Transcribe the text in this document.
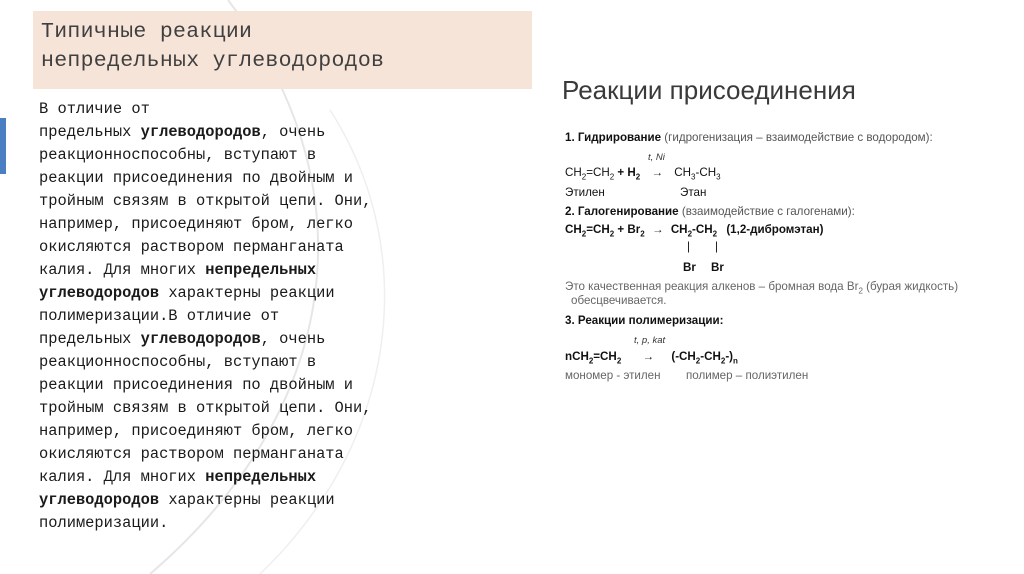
Типичные реакции
непредельных углеводородов

В отличие от

предельных углеводородов, очень

реакционноспособны, вступают в

реакции присоединения по двойным и

тройным связям в открытой цепи. Они,

например, присоединяют бром, легко

окисляются раствором перманганата

калия. Для многих непредельных

углеводородов характерны реакции

полимеризации.В отличие от

предельных углеводородов, очень

реакционноспособны, вступают в

реакции присоединения по двойным и

тройным связям в открытой цепи. Они,

например, присоединяют бром, легко

окисляются раствором перманганата

калия. Для многих непредельных

углеводородов характерны реакции

полимеризации.

Реакции присоединения
1. Гидрирование (гидрогенизация – взаимодействие с водородом):
t, Ni
$CH_2=CH_2 + H_2 \to CH_3-CH_3$
Этилен	Этан
2. Галогенирование (взаимодействие с галогенами):
$CH_2=CH_2 + Br_2 \to CH_2-CH_2$ (1,2-дибромэтан)
| |
Br Br
Это качественная реакция алкенов – бромная вода $Br_2$ (бурая жидкость)
обесцвечивается.
3. Реакции полимеризации:
t, p, kat
$nCH_2=CH_2 \to (-CH_2-CH_2-)_n$
мономер - этилен полимер – полиэтилен
